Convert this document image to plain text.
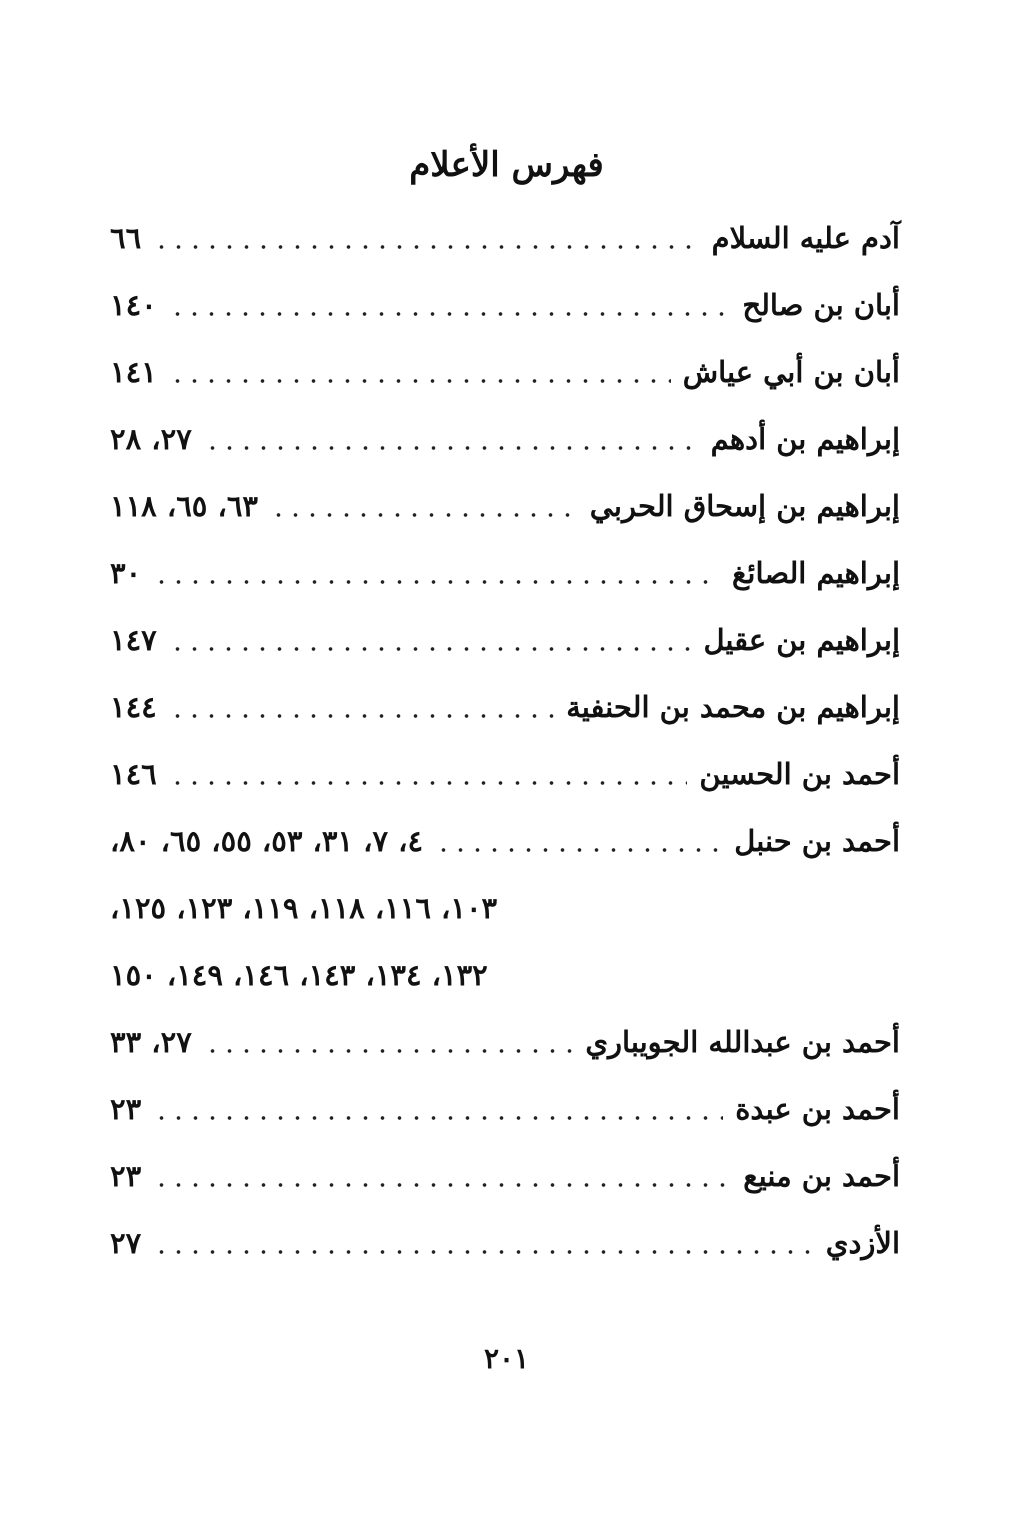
فهرس الأعلام
آدم عليه السلام
٦٦
أبان بن صالح
١٤٠
أبان بن أبي عياش
١٤١
إبراهيم بن أدهم
٢٧، ٢٨
إبراهيم بن إسحاق الحربي
٦٣، ٦٥، ١١٨
إبراهيم الصائغ
٣٠
إبراهيم بن عقيل
١٤٧
إبراهيم بن محمد بن الحنفية
١٤٤
أحمد بن الحسين
١٤٦
أحمد بن حنبل
٤، ٧، ٣١، ٥٣، ٥٥، ٦٥، ٨٠،
١٠٣، ١١٦، ١١٨، ١١٩، ١٢٣، ١٢٥،
١٣٢، ١٣٤، ١٤٣، ١٤٦، ١٤٩، ١٥٠
أحمد بن عبدالله الجويباري
٢٧، ٣٣
أحمد بن عبدة
٢٣
أحمد بن منيع
٢٣
الأزدي
٢٧
٢٠١
